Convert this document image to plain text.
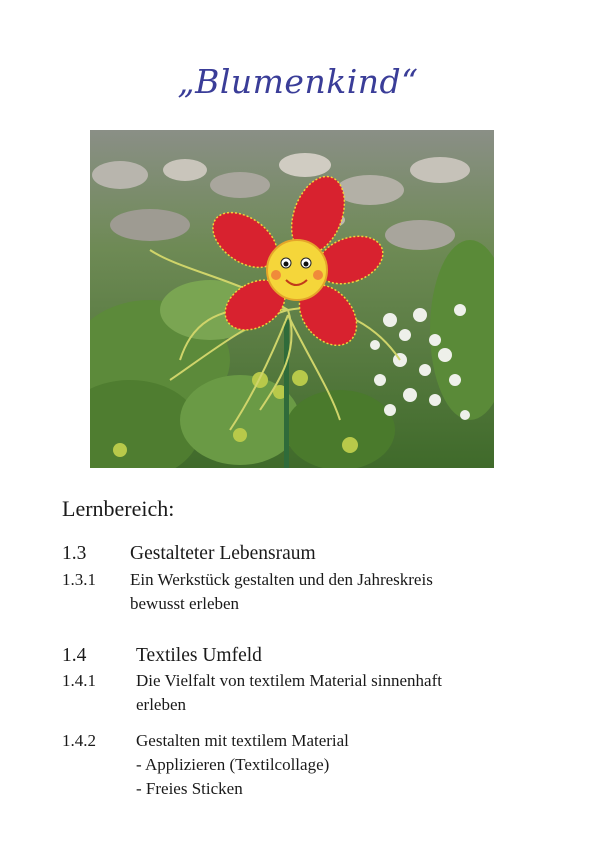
„Blumenkind“
Lernbereich:
1.3 Gestalteter Lebensraum
1.3.1 Ein Werkstück gestalten und den Jahreskreis
bewusst erleben
1.4	Textiles Umfeld
1.4.1 Die Vielfalt von textilem Material sinnenhaft
erleben
1.4.2 Gestalten mit textilem Material
- Applizieren (Textilcollage)
- Freies Sticken
